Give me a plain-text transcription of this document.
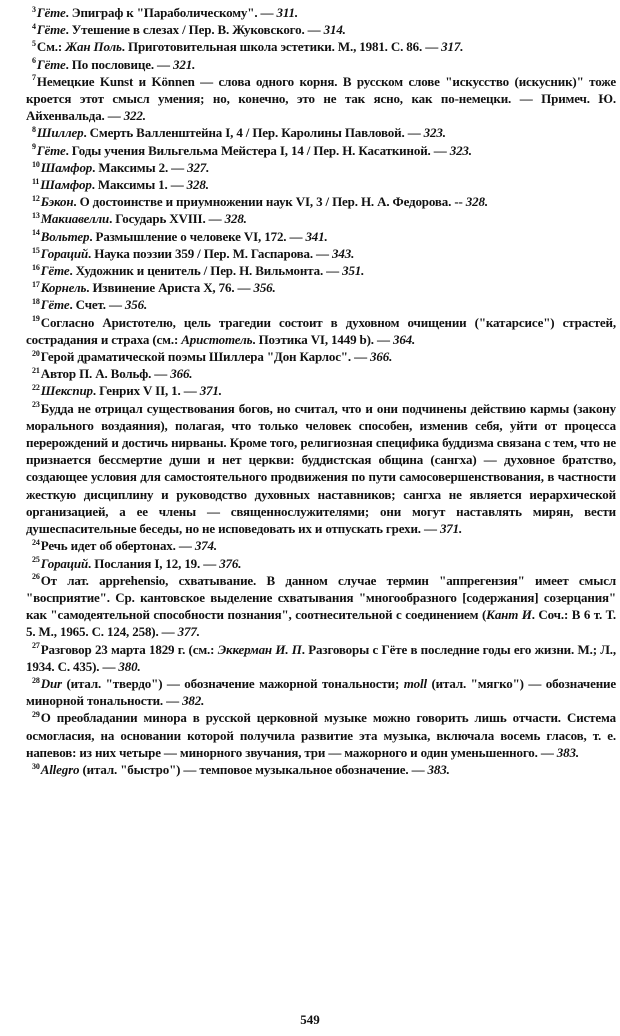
$^3$Гёте. Эпиграф к "Параболическому". — 311.

$^4$Гёте. Утешение в слезах / Пер. В. Жуковского. — 314.

$^5$См.: Жан Поль. Приготовительная школа эстетики. М., 1981. С. 86. — 317.

$^6$Гёте. По пословице. — 321.

$^7$Немецкие Kunst и Können — слова одного корня. В русском слове "искусство (искусник)" тоже кроется этот смысл умения; но, конечно, это не так ясно, как по-немецки. — Примеч. Ю. Айхенвальда. — 322.

$^8$Шиллер. Смерть Валленштейна I, 4 / Пер. Каролины Павловой. — 323.

$^9$Гёте. Годы учения Вильгельма Мейстера I, 14 / Пер. Н. Касаткиной. — 323.

$^{10}$Шамфор. Максимы 2. — 327.

$^{11}$Шамфор. Максимы 1. — 328.

$^{12}$Бэкон. О достоинстве и приумножении наук VI, 3 / Пер. Н. А. Федорова. -- 328.

$^{13}$Макиавелли. Государь XVIII. — 328.

$^{14}$Вольтер. Размышление о человеке VI, 172. — 341.

$^{15}$Гораций. Наука поэзии 359 / Пер. М. Гаспарова. — 343.

$^{16}$Гёте. Художник и ценитель / Пер. Н. Вильмонта. — 351.

$^{17}$Корнель. Извинение Ариста X, 76. — 356.

$^{18}$Гёте. Счет. — 356.

$^{19}$Согласно Аристотелю, цель трагедии состоит в духовном очищении ("катарсисе") страстей, сострадания и страха (см.: Аристотель. Поэтика VI, 1449 b). — 364.

$^{20}$Герой драматической поэмы Шиллера "Дон Карлос". — 366.

$^{21}$Автор П. А. Вольф. — 366.

$^{22}$Шекспир. Генрих V II, 1. — 371.

$^{23}$Будда не отрицал существования богов, но считал, что и они подчинены действию кармы (закону морального воздаяния), полагая, что только человек способен, изменив себя, уйти от процесса перерождений и достичь нирваны. Кроме того, религиозная специфика буддизма связана с тем, что не признается бессмертие души и нет церкви: буддистская община (сангха) — духовное братство, создающее условия для самостоятельного продвижения по пути самосовершенствования, в частности жесткую дисциплину и руководство духовных наставников; сангха не является иерархической организацией, а ее члены — священнослужителями; они могут наставлять мирян, вести душеспасительные беседы, но не исповедовать их и отпускать грехи. — 371.

$^{24}$Речь идет об обертонах. — 374.

$^{25}$Гораций. Послания I, 12, 19. — 376.

$^{26}$От лат. apprehensio, схватывание. В данном случае термин "аппрегензия" имеет смысл "восприятие". Ср. кантовское выделение схватывания "многообразного [содержания] созерцания" как "самодеятельной способности познания", соотнесительной с соединением (Кант И. Соч.: В 6 т. Т. 5. М., 1965. С. 124, 258). — 377.

$^{27}$Разговор 23 марта 1829 г. (см.: Эккерман И. П. Разговоры с Гёте в последние годы его жизни. М.; Л., 1934. С. 435). — 380.

$^{28}$Dur (итал. "твердо") — обозначение мажорной тональности; moll (итал. "мягко") — обозначение минорной тональности. — 382.

$^{29}$О преобладании минора в русской церковной музыке можно говорить лишь отчасти. Система осмогласия, на основании которой получила развитие эта музыка, включала восемь гласов, т. е. напевов: из них четыре — минорного звучания, три — мажорного и один уменьшенного. — 383.

$^{30}$Allegro (итал. "быстро") — темповое музыкальное обозначение. — 383.

549
